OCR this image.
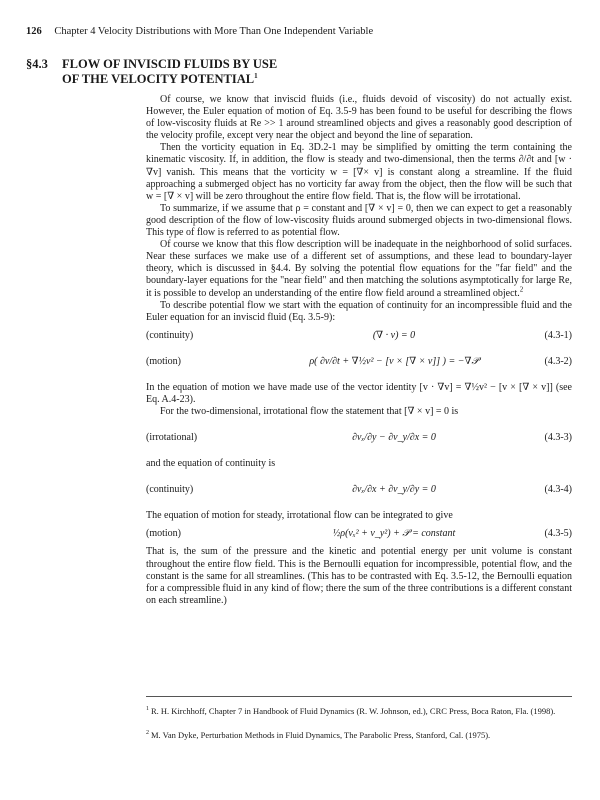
126 Chapter 4 Velocity Distributions with More Than One Independent Variable
§4.3 FLOW OF INVISCID FLUIDS BY USE
OF THE VELOCITY POTENTIAL$^1$

Of course, we know that inviscid fluids (i.e., fluids devoid of viscosity) do not actually exist. However, the Euler equation of motion of Eq. 3.5-9 has been found to be useful for describing the flows of low-viscosity fluids at Re >> 1 around streamlined objects and gives a reasonably good description of the velocity profile, except very near the object and beyond the line of separation.

Then the vorticity equation in Eq. 3D.2-1 may be simplified by omitting the term containing the kinematic viscosity. If, in addition, the flow is steady and two-dimensional, then the terms ∂/∂t and [w · ∇v] vanish. This means that the vorticity w = [∇× v] is constant along a streamline. If the fluid approaching a submerged object has no vorticity far away from the object, then the flow will be such that w = [∇ × v] will be zero throughout the entire flow field. That is, the flow will be irrotational.

To summarize, if we assume that ρ = constant and [∇ × v] = 0, then we can expect to get a reasonably good description of the flow of low-viscosity fluids around submerged objects in two-dimensional flows. This type of flow is referred to as potential flow.

Of course we know that this flow description will be inadequate in the neighborhood of solid surfaces. Near these surfaces we make use of a different set of assumptions, and these lead to boundary-layer theory, which is discussed in §4.4. By solving the potential flow equations for the "far field" and the boundary-layer equations for the "near field" and then matching the solutions asymptotically for large Re, it is possible to develop an understanding of the entire flow field around a streamlined object.$^2$

To describe potential flow we start with the equation of continuity for an incompressible fluid and the Euler equation for an inviscid fluid (Eq. 3.5-9):

(continuity)	(∇ · v) = 0	(4.3-1)
(motion)	ρ( ∂v/∂t + ∇½v² − [v × [∇ × v]] ) = −∇𝒫	(4.3-2)

In the equation of motion we have made use of the vector identity [v · ∇v] = ∇½v² − [v × [∇ × v]] (see Eq. A.4-23).

For the two-dimensional, irrotational flow the statement that [∇ × v] = 0 is

(irrotational)	∂vₓ/∂y − ∂v_y/∂x = 0	(4.3-3)

and the equation of continuity is

(continuity)	∂vₓ/∂x + ∂v_y/∂y = 0	(4.3-4)

The equation of motion for steady, irrotational flow can be integrated to give

(motion)	½ρ(vₓ² + v_y²) + 𝒫 = constant	(4.3-5)

That is, the sum of the pressure and the kinetic and potential energy per unit volume is constant throughout the entire flow field. This is the Bernoulli equation for incompressible, potential flow, and the constant is the same for all streamlines. (This has to be contrasted with Eq. 3.5-12, the Bernoulli equation for a compressible fluid in any kind of flow; there the sum of the three contributions is a different constant on each streamline.)

$^1$ R. H. Kirchhoff, Chapter 7 in Handbook of Fluid Dynamics (R. W. Johnson, ed.), CRC Press, Boca Raton, Fla. (1998).
$^2$ M. Van Dyke, Perturbation Methods in Fluid Dynamics, The Parabolic Press, Stanford, Cal. (1975).
